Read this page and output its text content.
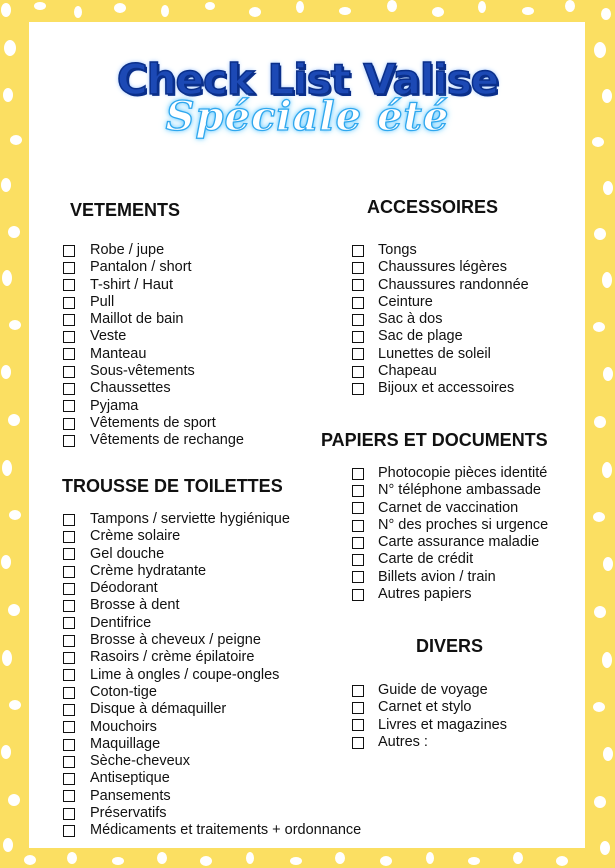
Check List Valise
Spéciale été
VETEMENTS
Robe / jupe
Pantalon / short
T-shirt / Haut
Pull
Maillot de bain
Veste
Manteau
Sous-vêtements
Chaussettes
Pyjama
Vêtements de sport
Vêtements de rechange
TROUSSE DE TOILETTES
Tampons / serviette hygiénique
Crème solaire
Gel douche
Crème hydratante
Déodorant
Brosse à dent
Dentifrice
Brosse à cheveux / peigne
Rasoirs / crème épilatoire
Lime à ongles / coupe-ongles
Coton-tige
Disque à démaquiller
Mouchoirs
Maquillage
Sèche-cheveux
Antiseptique
Pansements
Préservatifs
Médicaments et traitements + ordonnance
ACCESSOIRES
Tongs
Chaussures légères
Chaussures randonnée
Ceinture
Sac à dos
Sac de plage
Lunettes de soleil
Chapeau
Bijoux et accessoires
PAPIERS ET DOCUMENTS
Photocopie pièces identité
N° téléphone ambassade
Carnet de vaccination
N° des proches si urgence
Carte assurance maladie
Carte de crédit
Billets avion / train
Autres papiers
DIVERS
Guide de voyage
Carnet et stylo
Livres et magazines
Autres :
